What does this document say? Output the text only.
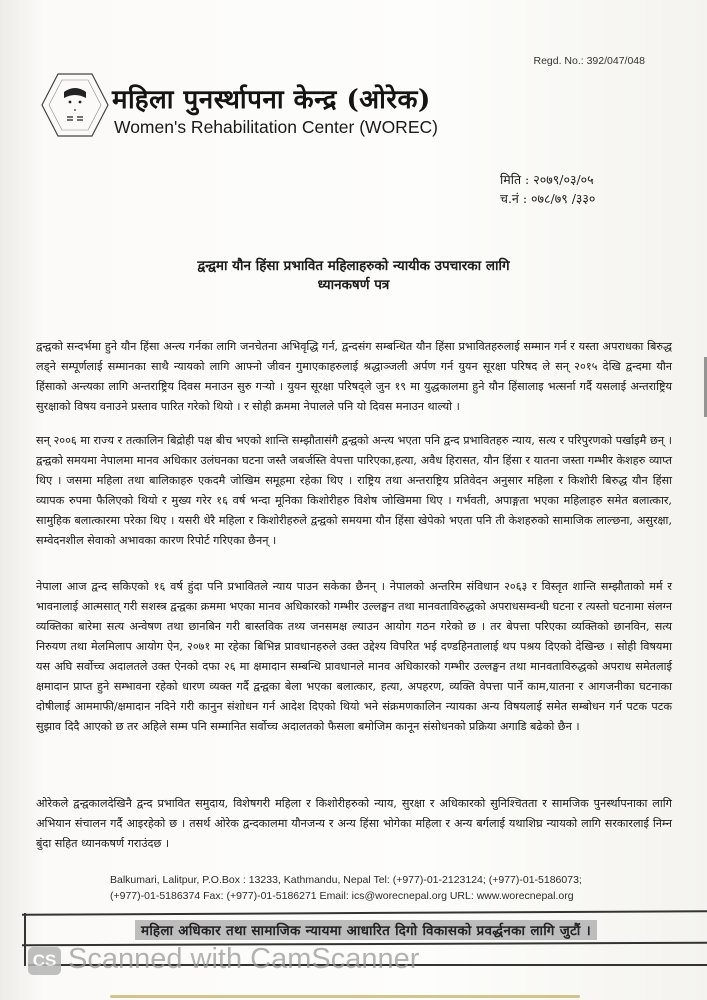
Regd. No.: 392/047/048
महिला पुनर्स्थापना केन्द्र (ओरेक)
Women's Rehabilitation Center (WOREC)
मिति : २०७९/०३/०५
च.नं : ०७८/७९ /३३०
द्वन्द्वमा यौन हिंसा प्रभावित महिलाहरुको न्यायीक उपचारका लागि
ध्यानकषर्ण पत्र
द्वन्द्वको सन्दर्भमा हुने यौन हिंसा अन्त्य गर्नका लागि जनचेतना अभिवृद्धि गर्न, द्वन्दसंग सम्बन्धित यौन हिंसा प्रभावितहरुलाई सम्मान गर्न र यस्ता अपराधका बिरुद्ध लड्ने सम्पूर्णलाई सम्मानका साथै न्यायको लागि आफ्नो जीवन गुमाएकाहरुलाई श्रद्धाञ्जली अर्पण गर्न युयन सूरक्षा परिषद ले सन् २०१५ देखि द्वन्दमा यौन हिंसाको अन्त्यका लागि अन्तराष्ट्रिय दिवस मनाउन सुरु गर्‍यो । युयन सूरक्षा परिषद्ले जुन १९ मा युद्धकालमा हुने यौन हिंसालाइ भत्सर्ना गर्दै यसलाई अन्तराष्ट्रिय सुरक्षाको विषय वनाउने प्रस्ताव पारित गरेको थियो । र सोही क्रममा नेपालले पनि यो दिवस मनाउन थाल्यो ।
सन् २००६ मा राज्य र तत्कालिन बिद्रोही पक्ष बीच भएको शान्ति सम्झौतासंगै द्वन्द्वको अन्त्य भएता पनि द्वन्द प्रभावितहरु न्याय, सत्य र परिपुरणको पर्खाइमै छन् । द्वन्द्वको समयमा नेपालमा मानव अधिकार उलंघनका घटना जस्तै जबर्जस्ति वेपत्ता पारिएका,हत्या, अवैध हिरासत, यौन हिंसा र यातना जस्ता गम्भीर केशहरु व्याप्त थिए । जसमा महिला तथा बालिकाहरु एकदमै जोखिम समूहमा रहेका थिए । राष्ट्रिय तथा अन्तराष्ट्रिय प्रतिवेदन अनुसार महिला र किशोरी बिरुद्ध यौन हिंसा व्यापक रुपमा फैलिएको थियो र मुख्य गरेर १६ वर्ष भन्दा मूनिका किशोरीहरु विशेष जोखिममा थिए । गर्भवती, अपाङ्गता भएका महिलाहरु समेत बलात्कार, सामुहिक बलात्कारमा परेका थिए । यसरी धेरै महिला र किशोरीहरुले द्वन्द्वको समयमा यौन हिंसा खेपेको भएता पनि ती केशहरुको सामाजिक लाल्छना, असुरक्षा, सम्वेदनशील सेवाको अभावका कारण रिपोर्ट गरिएका छैनन् ।
नेपाला आज द्वन्द सकिएको १६ वर्ष हुंदा पनि प्रभावितले न्याय पाउन सकेका छैनन् । नेपालको अन्तरिम संविधान २०६३ र विस्तृत शान्ति सम्झौताको मर्म र भावनालाई आत्मसात् गरी सशस्त्र द्वन्द्वका क्रममा भएका मानव अधिकारको गम्भीर उल्लङ्घन तथा मानवताविरुद्धको अपराधसम्वन्धी घटना र त्यस्तो घटनामा संलग्न व्यक्तिका बारेमा सत्य अन्वेषण तथा छानबिन गरी बास्तविक तथ्य जनसमक्ष ल्याउन आयोग गठन गरेको छ । तर बेपत्ता परिएका व्यक्तिको छानविन, सत्य निरुयण तथा मेलमिलाप आयोग ऐन, २०७१ मा रहेका बिभिन्न प्रावधानहरुले उक्त उद्देश्य विपरित भई दण्डहिनतालाई थप पश्रय दिएको देखिन्छ । सोही विषयमा यस अघि सर्वोच्च अदालतले उक्त ऐनको दफा २६ मा क्षमादान सम्बन्धि प्रावधानले मानव अधिकारको गम्भीर उल्लङ्घन तथा मानवताविरुद्धको अपराध समेतलाई क्षमादान प्राप्त हुने सम्भावना रहेको धारण व्यक्त गर्दै द्वन्द्वका बेला भएका बलात्कार, हत्या, अपहरण, व्यक्ति वेपत्ता पार्ने काम,यातना र आगजनीका घटनाका दोषीलाई आममाफी/क्षमादान नदिने गरी कानुन संशोधन गर्न आदेश दिएको थियो भने संक्रमणकालिन न्यायका अन्य विषयलाई समेत सम्बोधन गर्न पटक पटक सुझाव दिदै आएको छ तर अहिले सम्म पनि सम्मानित सर्वोच्च अदालतको फैसला बमोजिम कानून संसोधनको प्रक्रिया अगाडि बढेको छैन ।
ओरेकले द्वन्द्वकालदेखिनै द्वन्द प्रभावित समुदाय, विशेषगरी महिला र किशोरीहरुको न्याय, सुरक्षा र अधिकारको सुनिश्चितता र सामजिक पुनर्स्थापनाका लागि अभियान संचालन गर्दै आइरहेको छ । तसर्थ ओरेक द्वन्दकालमा यौनजन्य र अन्य हिंसा भोगेका महिला र अन्य बर्गलाई यथाशिघ्र न्यायको लागि सरकारलाई निम्न बुंदा सहित ध्यानकषर्ण गराउंदछ ।
Balkumari, Lalitpur, P.O.Box : 13233, Kathmandu, Nepal Tel: (+977)-01-2123124; (+977)-01-5186073;
(+977)-01-5186374 Fax: (+977)-01-5186271 Email: ics@worecnepal.org URL: www.worecnepal.org
महिला अधिकार तथा सामाजिक न्यायमा आधारित दिगो विकासको प्रवर्द्धनका लागि जुटौं ।
CS Scanned with CamScanner
